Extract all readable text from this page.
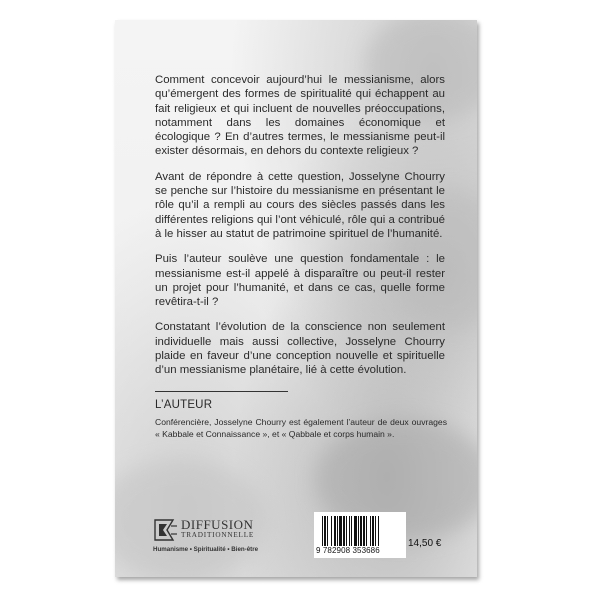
Comment concevoir aujourd’hui le messianisme, alors qu’émergent des formes de spiritualité qui échappent au fait religieux et qui incluent de nouvelles préoccupations, notamment dans les domaines économique et écologique ? En d’autres termes, le messianisme peut-il exister désormais, en dehors du contexte religieux ?

Avant de répondre à cette question, Josselyne Chourry se penche sur l’histoire du messianisme en présentant le rôle qu’il a rempli au cours des siècles passés dans les différentes religions qui l’ont véhiculé, rôle qui a contribué à le hisser au statut de patrimoine spirituel de l’humanité.

Puis l’auteur soulève une question fondamentale : le messianisme est-il appelé à disparaître ou peut-il rester un projet pour l’humanité, et dans ce cas, quelle forme revêtira-t-il ?

Constatant l’évolution de la conscience non seulement individuelle mais aussi collective, Josselyne Chourry plaide en faveur d’une conception nouvelle et spirituelle d’un messianisme planétaire, lié à cette évolution.

L’AUTEUR
Conférencière, Josselyne Chourry est également l’auteur de deux ouvrages « Kabbale et Connaissance », et « Qabbale et corps humain ».
DIFFUSION
TRADITIONNELLE
Humanisme • Spiritualité • Bien-être	9 782908 353686
14,50 €
